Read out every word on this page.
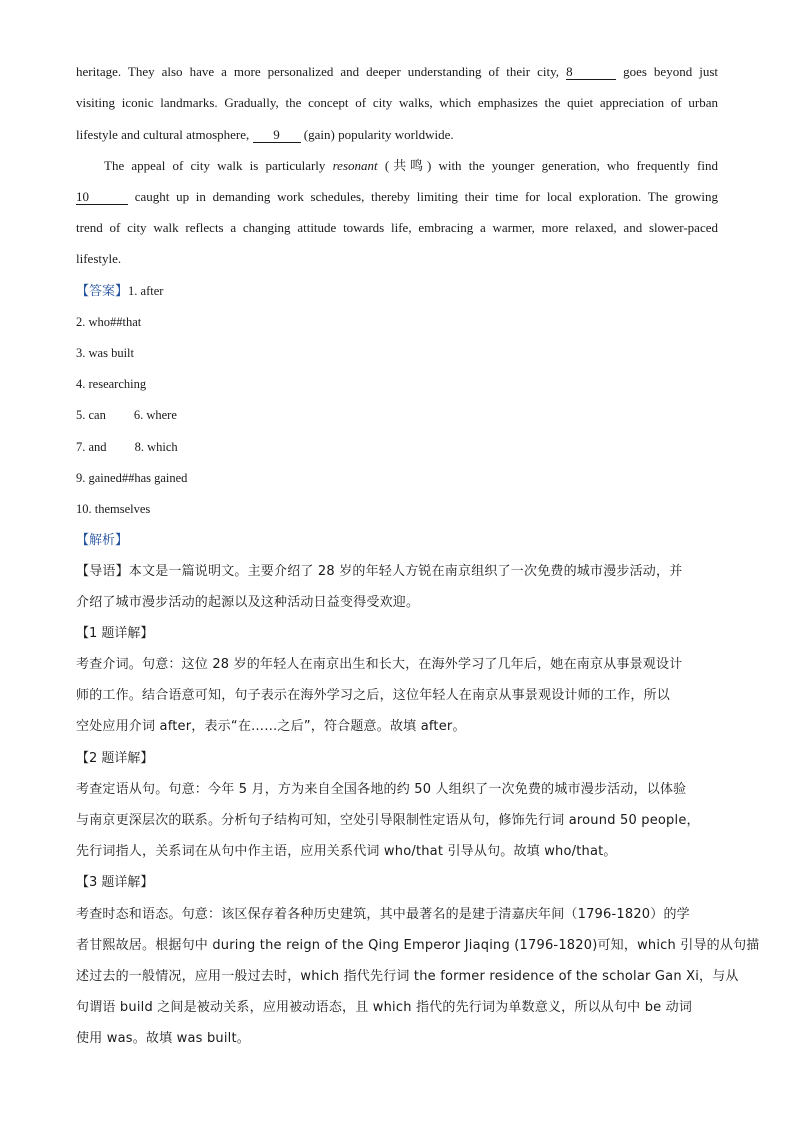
heritage. They also have a more personalized and deeper understanding of their city, 8	goes beyond just
visiting iconic landmarks. Gradually, the concept of city walks, which emphasizes the quiet appreciation of urban
lifestyle and cultural atmosphere, 9 (gain) popularity worldwide.
The appeal of city walk is particularly resonant (共鸣) with the younger generation, who frequently find
10	caught up in demanding work schedules, thereby limiting their time for local exploration. The growing
trend of city walk reflects a changing attitude towards life, embracing a warmer, more relaxed, and slower-paced
lifestyle.
【答案】1. after
2. who##that
3. was built
4. researching
5. can 6. where
7. and 8. which
9. gained##has gained
10. themselves
【解析】
【导语】本文是一篇说明文。主要介绍了 28 岁的年轻人方锐在南京组织了一次免费的城市漫步活动，并
介绍了城市漫步活动的起源以及这种活动日益变得受欢迎。
【1 题详解】
考查介词。句意：这位 28 岁的年轻人在南京出生和长大，在海外学习了几年后，她在南京从事景观设计
师的工作。结合语意可知，句子表示在海外学习之后，这位年轻人在南京从事景观设计师的工作，所以
空处应用介词 after，表示“在……之后”，符合题意。故填 after。
【2 题详解】
考查定语从句。句意：今年 5 月，方为来自全国各地的约 50 人组织了一次免费的城市漫步活动，以体验
与南京更深层次的联系。分析句子结构可知，空处引导限制性定语从句，修饰先行词 around 50 people，
先行词指人，关系词在从句中作主语，应用关系代词 who/that 引导从句。故填 who/that。
【3 题详解】
考查时态和语态。句意：该区保存着各种历史建筑，其中最著名的是建于清嘉庆年间（1796-1820）的学
者甘熙故居。根据句中 during the reign of the Qing Emperor Jiaqing (1796-1820)可知，which 引导的从句描
述过去的一般情况，应用一般过去时，which 指代先行词 the former residence of the scholar Gan Xi，与从
句谓语 build 之间是被动关系，应用被动语态，且 which 指代的先行词为单数意义，所以从句中 be 动词
使用 was。故填 was built。
